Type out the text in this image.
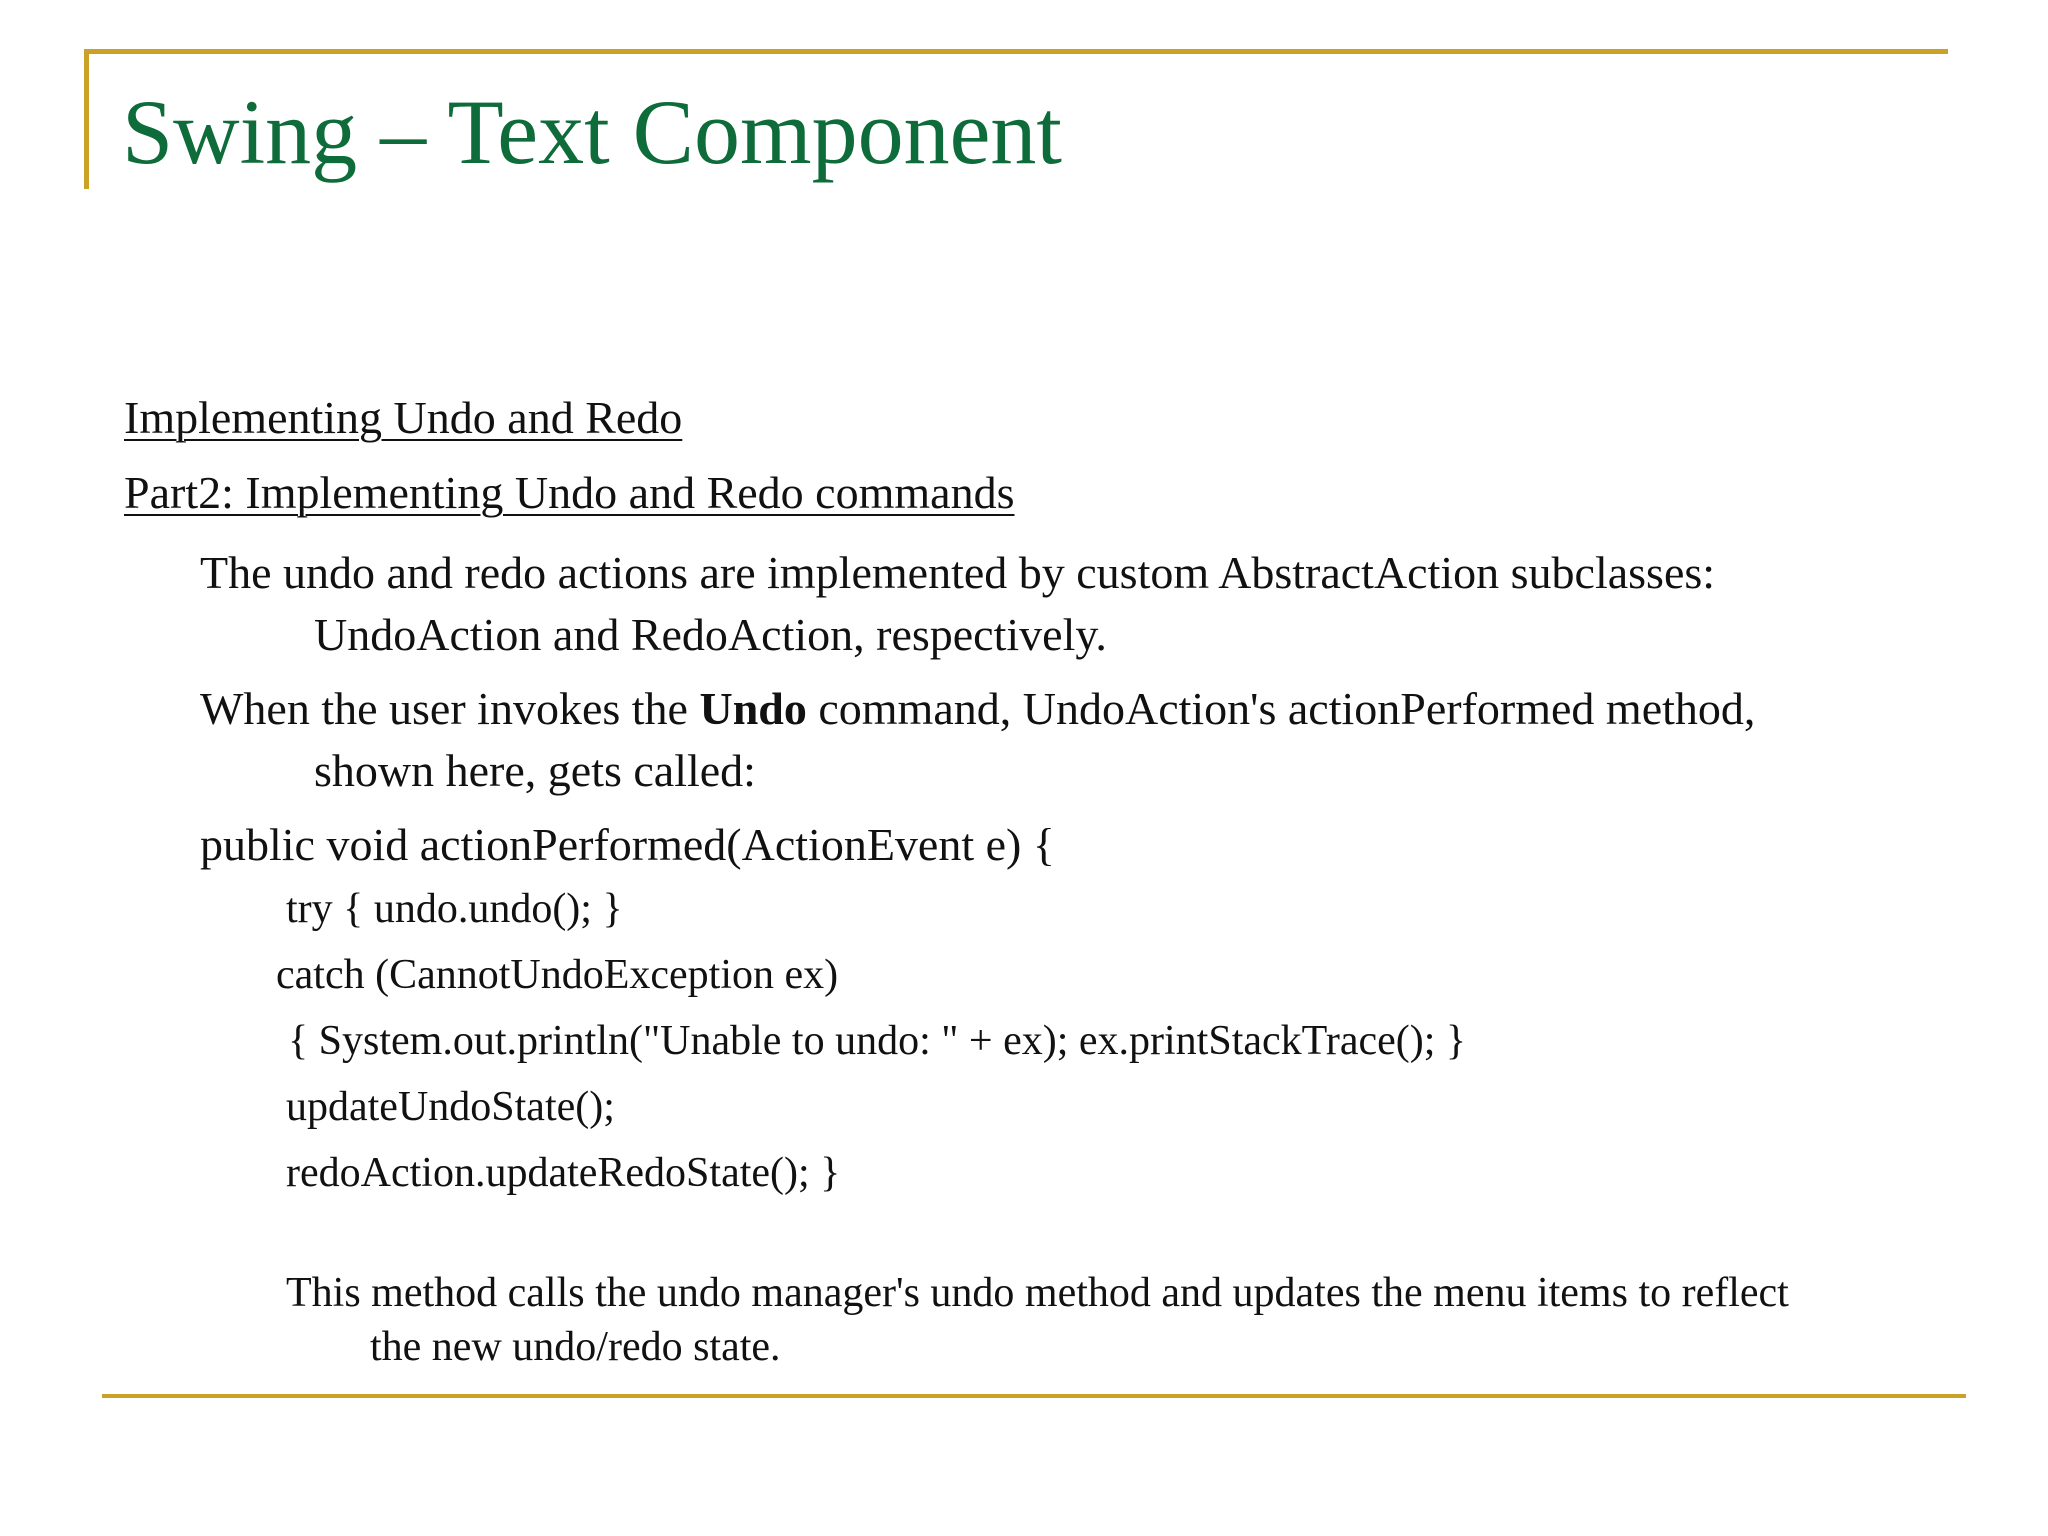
Swing – Text Component
Implementing Undo and Redo
Part2: Implementing Undo and Redo commands
The undo and redo actions are implemented by custom AbstractAction subclasses:
UndoAction and RedoAction, respectively.
When the user invokes the Undo command, UndoAction's actionPerformed method,
shown here, gets called:
public void actionPerformed(ActionEvent e) {
try { undo.undo(); }
catch (CannotUndoException ex)
{ System.out.println("Unable to undo: " + ex); ex.printStackTrace(); }
updateUndoState();
redoAction.updateRedoState(); }
This method calls the undo manager's undo method and updates the menu items to reflect
the new undo/redo state.
